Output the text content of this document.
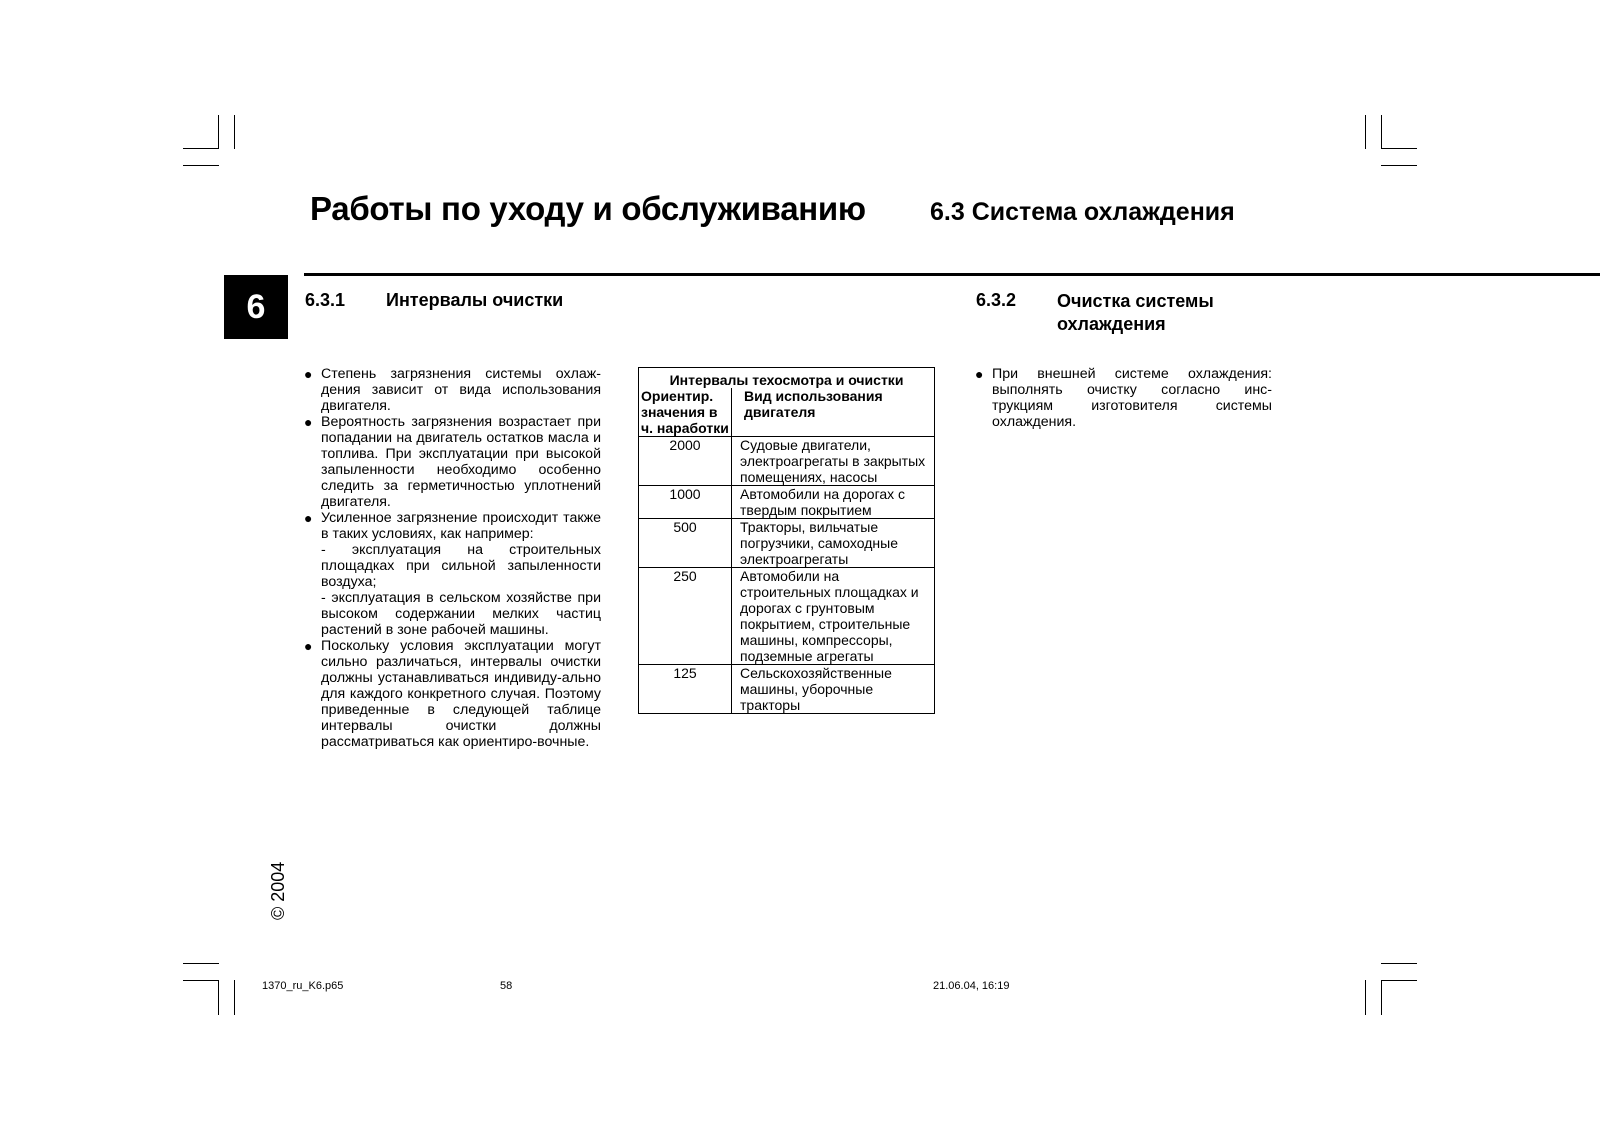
Работы по уходу и обслуживанию	6.3 Система охлаждения
6	6.3.1 Интервалы очистки
● Степень загрязнения системы охлаж-дения зависит от вида использования двигателя.
● Вероятность загрязнения возрастает при попадании на двигатель остатков масла и топлива. При эксплуатации при высокой запыленности необходимо особенно следить за герметичностью уплотнений двигателя.
● Усиленное загрязнение происходит также в таких условиях, как например:
- эксплуатация на строительных площадках при сильной запыленности воздуха;
- эксплуатация в сельском хозяйстве при высоком содержании мелких частиц растений в зоне рабочей машины.
● Поскольку условия эксплуатации могут сильно различаться, интервалы очистки должны устанавливаться индивиду-ально для каждого конкретного случая. Поэтому приведенные в следующей таблице интервалы очистки должны рассматриваться как ориентиро-вочные.
Интервалы техосмотра и очистки	
Ориентир. значения в ч. наработки	Вид использования двигателя
2000	Судовые двигатели, электроагрегаты в закрытых помещениях, насосы
1000	Автомобили на дорогах с твердым покрытием
500	Тракторы, вильчатые погрузчики, самоходные электроагрегаты
250	Автомобили на строительных площадках и дорогах с грунтовым покрытием, строительные машины, компрессоры, подземные агрегаты
125	Сельскохозяйственные машины, уборочные тракторы
6.3.2 Очистка системы охлаждения
● При внешней системе охлаждения: выполнять очистку согласно инс-трукциям изготовителя системы охлаждения.
© 2004
1370_ru_K6.p65	58	21.06.04, 16:19
